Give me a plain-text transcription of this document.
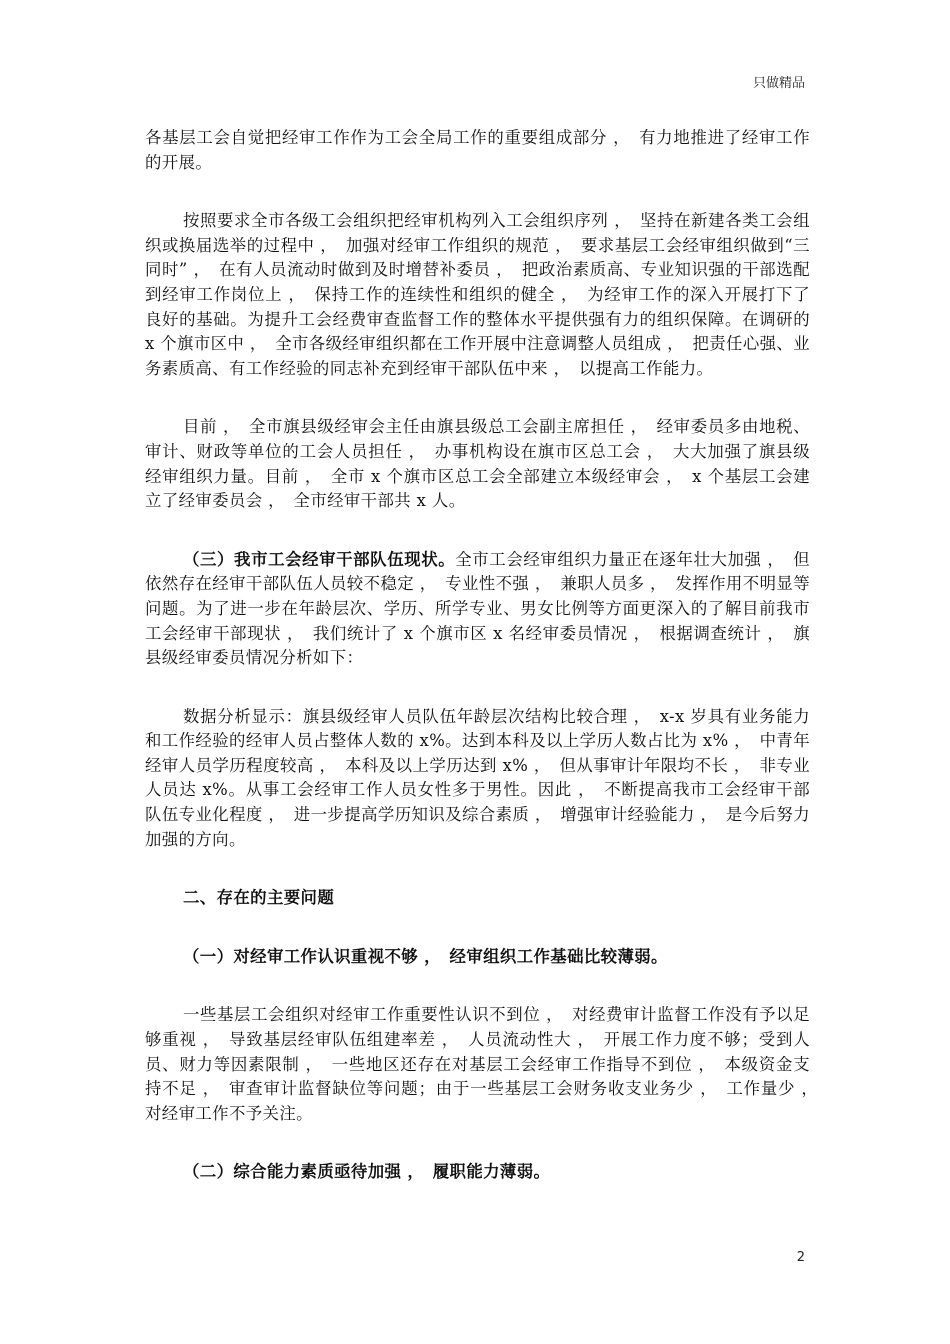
只做精品

各基层工会自觉把经审工作作为工会全局工作的重要组成部分 ，　有力地推进了经审工作的开展。

按照要求全市各级工会组织把经审机构列入工会组织序列 ，　坚持在新建各类工会组织或换届选举的过程中 ，　加强对经审工作组织的规范 ，　要求基层工会经审组织做到“三同时” ，　在有人员流动时做到及时增替补委员 ，　把政治素质高、专业知识强的干部选配到经审工作岗位上 ，　保持工作的连续性和组织的健全 ，　为经审工作的深入开展打下了良好的基础。为提升工会经费审查监督工作的整体水平提供强有力的组织保障。在调研的 x 个旗市区中 ，　全市各级经审组织都在工作开展中注意调整人员组成 ，　把责任心强、业务素质高、有工作经验的同志补充到经审干部队伍中来 ，　以提高工作能力。

目前 ，　全市旗县级经审会主任由旗县级总工会副主席担任 ，　经审委员多由地税、审计、财政等单位的工会人员担任 ，　办事机构设在旗市区总工会 ，　大大加强了旗县级经审组织力量。目前 ，　全市 x 个旗市区总工会全部建立本级经审会 ，　x 个基层工会建立了经审委员会 ，　全市经审干部共 x 人。

（三）我市工会经审干部队伍现状。全市工会经审组织力量正在逐年壮大加强 ，　但依然存在经审干部队伍人员较不稳定 ，　专业性不强 ，　兼职人员多 ，　发挥作用不明显等问题。为了进一步在年龄层次、学历、所学专业、男女比例等方面更深入的了解目前我市工会经审干部现状 ，　我们统计了 x 个旗市区 x 名经审委员情况 ，　根据调查统计 ，　旗县级经审委员情况分析如下：

数据分析显示：旗县级经审人员队伍年龄层次结构比较合理 ，　x-x 岁具有业务能力和工作经验的经审人员占整体人数的 x%。达到本科及以上学历人数占比为 x% ，　中青年经审人员学历程度较高 ，　本科及以上学历达到 x% ，　但从事审计年限均不长 ，　非专业人员达 x%。从事工会经审工作人员女性多于男性。因此 ，　不断提高我市工会经审干部队伍专业化程度 ，　进一步提高学历知识及综合素质 ，　增强审计经验能力 ，　是今后努力加强的方向。

二、存在的主要问题

（一）对经审工作认识重视不够 ，　经审组织工作基础比较薄弱。

一些基层工会组织对经审工作重要性认识不到位 ，　对经费审计监督工作没有予以足够重视 ，　导致基层经审队伍组建率差 ，　人员流动性大 ，　开展工作力度不够；受到人员、财力等因素限制 ，　一些地区还存在对基层工会经审工作指导不到位 ，　本级资金支持不足 ，　审查审计监督缺位等问题；由于一些基层工会财务收支业务少 ，　工作量少 ，　对经审工作不予关注。

（二）综合能力素质亟待加强 ，　履职能力薄弱。

2
